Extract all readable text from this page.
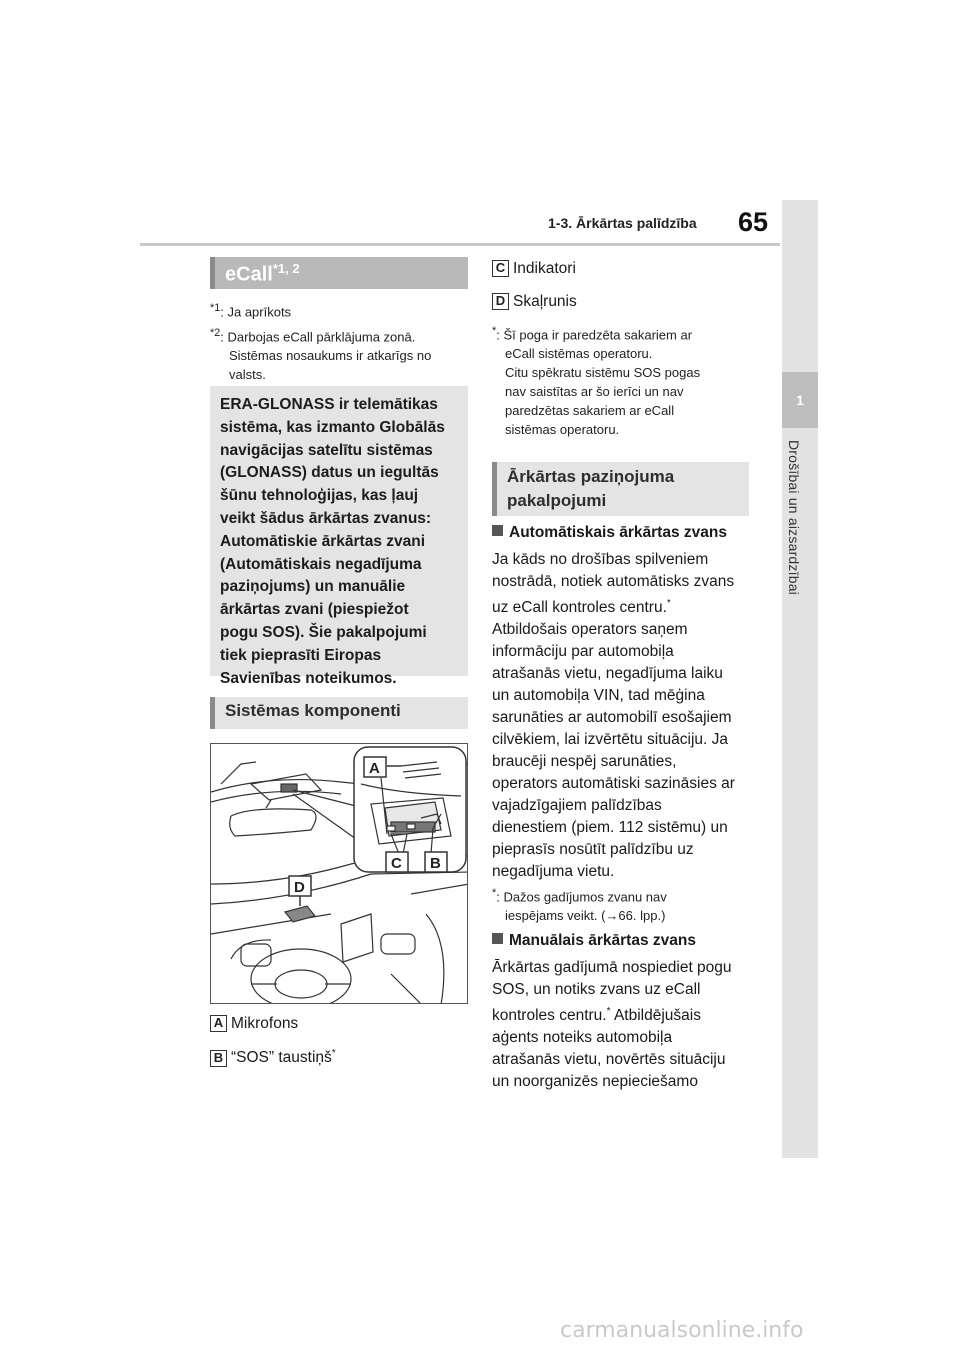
1-3. Ārkārtas palīdzība 65
1
Drošībai un aizsardzībai
eCall$^{*1, 2}$
$^{*1}$: Ja aprīkots
$^{*2}$: Darbojas eCall pārklājuma zonā.
Sistēmas nosaukums ir atkarīgs no
valsts.

ERA-GLONASS ir telemātikas

sistēma, kas izmanto Globālās

navigācijas satelītu sistēmas

(GLONASS) datus un iegultās

šūnu tehnoloģijas, kas ļauj

veikt šādus ārkārtas zvanus:

Automātiskie ārkārtas zvani

(Automātiskais negadījuma

paziņojums) un manuālie

ārkārtas zvani (piespiežot

pogu SOS). Šie pakalpojumi

tiek pieprasīti Eiropas

Savienības noteikumos.

Sistēmas komponenti
A
C B
D
A Mikrofons
B “SOS” taustiņš*
C Indikatori
D Skaļrunis
*: Šī poga ir paredzēta sakariem ar
eCall sistēmas operatoru.
Citu spēkratu sistēmu SOS pogas
nav saistītas ar šo ierīci un nav
paredzētas sakariem ar eCall
sistēmas operatoru.
Ārkārtas paziņojuma
pakalpojumi
Automātiskais ārkārtas zvans
Ja kāds no drošības spilveniem
nostrādā, notiek automātisks zvans
uz eCall kontroles centru.*
Atbildošais operators saņem
informāciju par automobiļa
atrašanās vietu, negadījuma laiku
un automobiļa VIN, tad mēģina
sarunāties ar automobilī esošajiem
cilvēkiem, lai izvērtētu situāciju. Ja
braucēji nespēj sarunāties,
operators automātiski sazināsies ar
vajadzīgajiem palīdzības
dienestiem (piem. 112 sistēmu) un
pieprasīs nosūtīt palīdzību uz
negadījuma vietu.
*: Dažos gadījumos zvanu nav
iespējams veikt. (→66. lpp.)
Manuālais ārkārtas zvans
Ārkārtas gadījumā nospiediet pogu
SOS, un notiks zvans uz eCall
kontroles centru.* Atbildējušais
aģents noteiks automobiļa
atrašanās vietu, novērtēs situāciju
un noorganizēs nepieciešamo
carmanualsonline.info
